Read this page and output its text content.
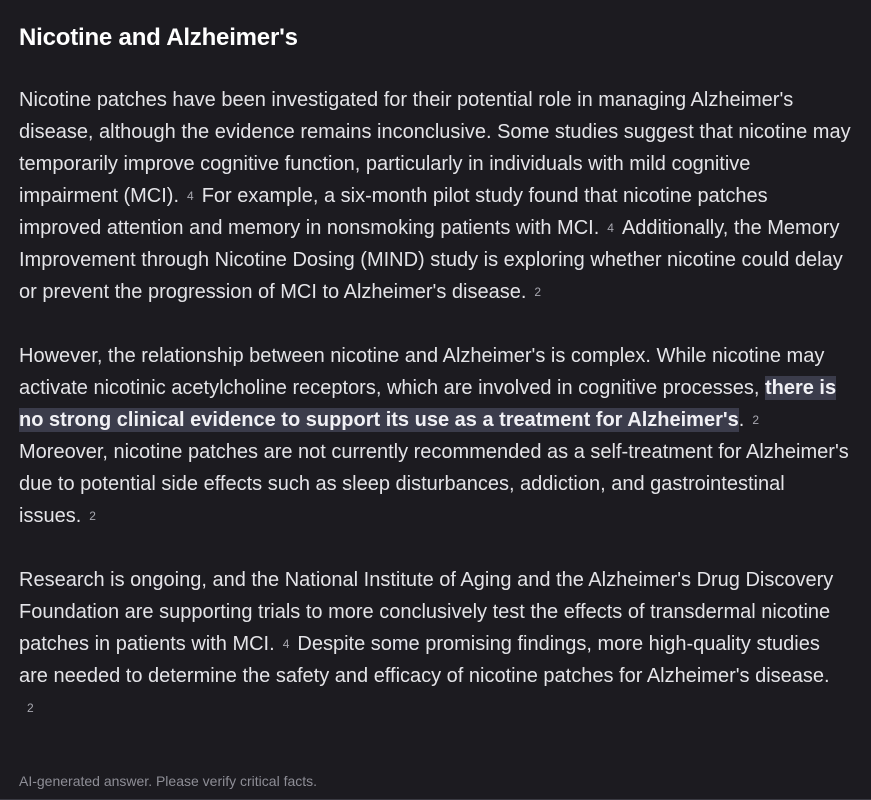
Nicotine and Alzheimer's

Nicotine patches have been investigated for their potential role in managing Alzheimer's disease, although the evidence remains inconclusive. Some studies suggest that nicotine may temporarily improve cognitive function, particularly in individuals with mild cognitive impairment (MCI). 4 For example, a six-month pilot study found that nicotine patches improved attention and memory in nonsmoking patients with MCI. 4 Additionally, the Memory Improvement through Nicotine Dosing (MIND) study is exploring whether nicotine could delay or prevent the progression of MCI to Alzheimer's disease. 2

However, the relationship between nicotine and Alzheimer's is complex. While nicotine may activate nicotinic acetylcholine receptors, which are involved in cognitive processes, there is no strong clinical evidence to support its use as a treatment for Alzheimer's. 2Moreover, nicotine patches are not currently recommended as a self-treatment for Alzheimer's due to potential side effects such as sleep disturbances, addiction, and gastrointestinal issues. 2

Research is ongoing, and the National Institute of Aging and the Alzheimer's Drug Discovery Foundation are supporting trials to more conclusively test the effects of transdermal nicotine patches in patients with MCI. 4 Despite some promising findings, more high-quality studies are needed to determine the safety and efficacy of nicotine patches for Alzheimer's disease.2

AI-generated answer. Please verify critical facts.
